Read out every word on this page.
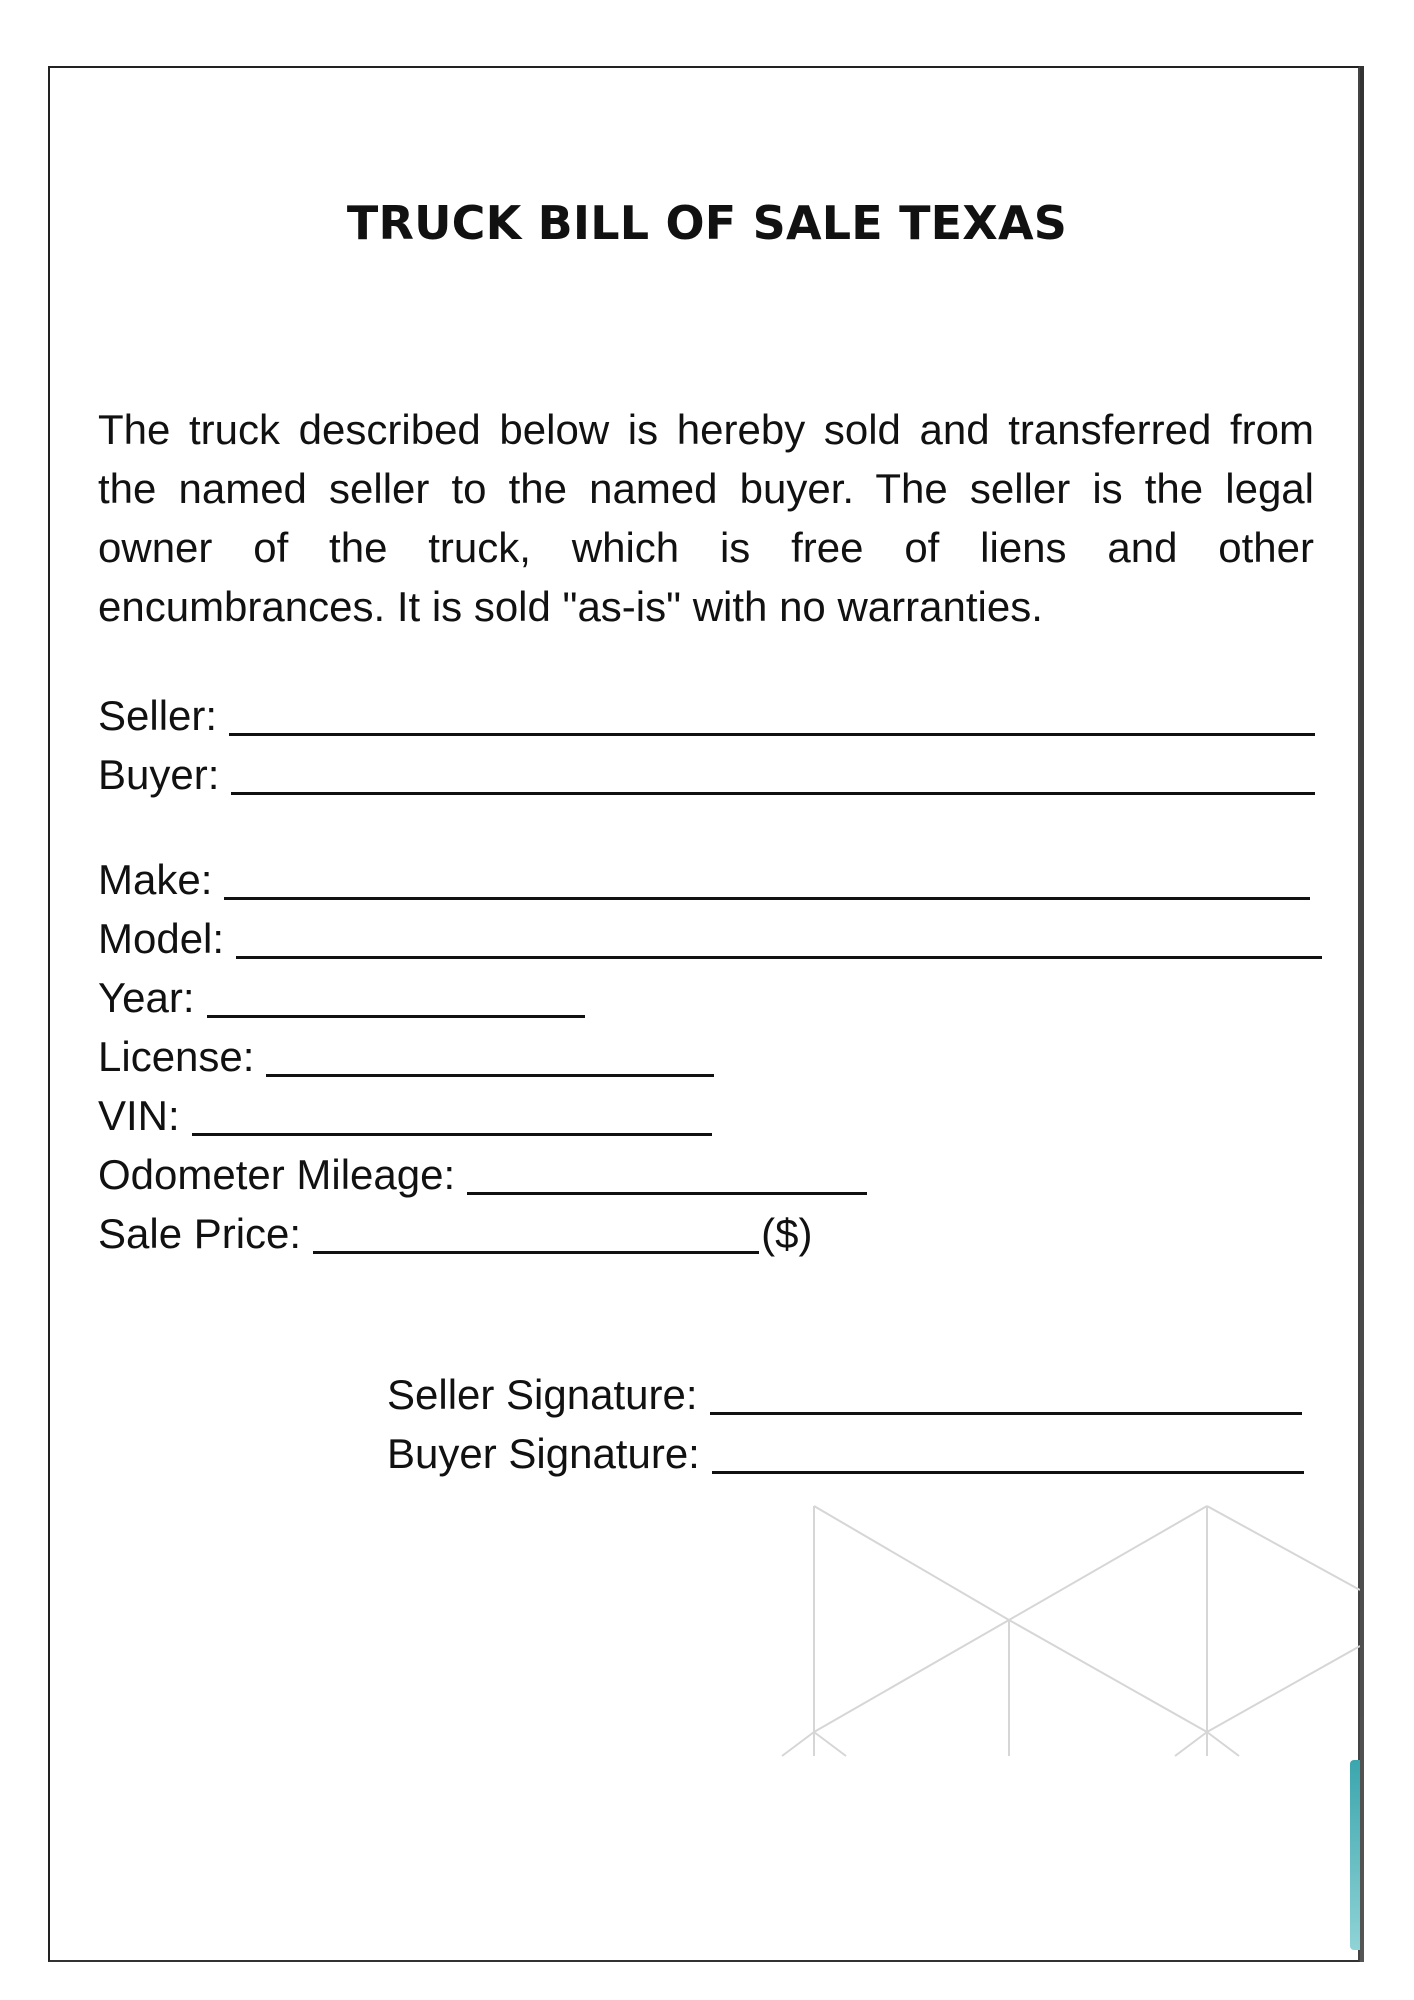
TRUCK BILL OF SALE TEXAS
The truck described below is hereby sold and transferred from the named seller to the named buyer. The seller is the legal owner of the truck, which is free of liens and other encumbrances. It is sold "as-is" with no warranties.
Seller:
Buyer:
Make:
Model:
Year:
License:
VIN:
Odometer Mileage:
Sale Price:	($)
Seller Signature:
Buyer Signature:
